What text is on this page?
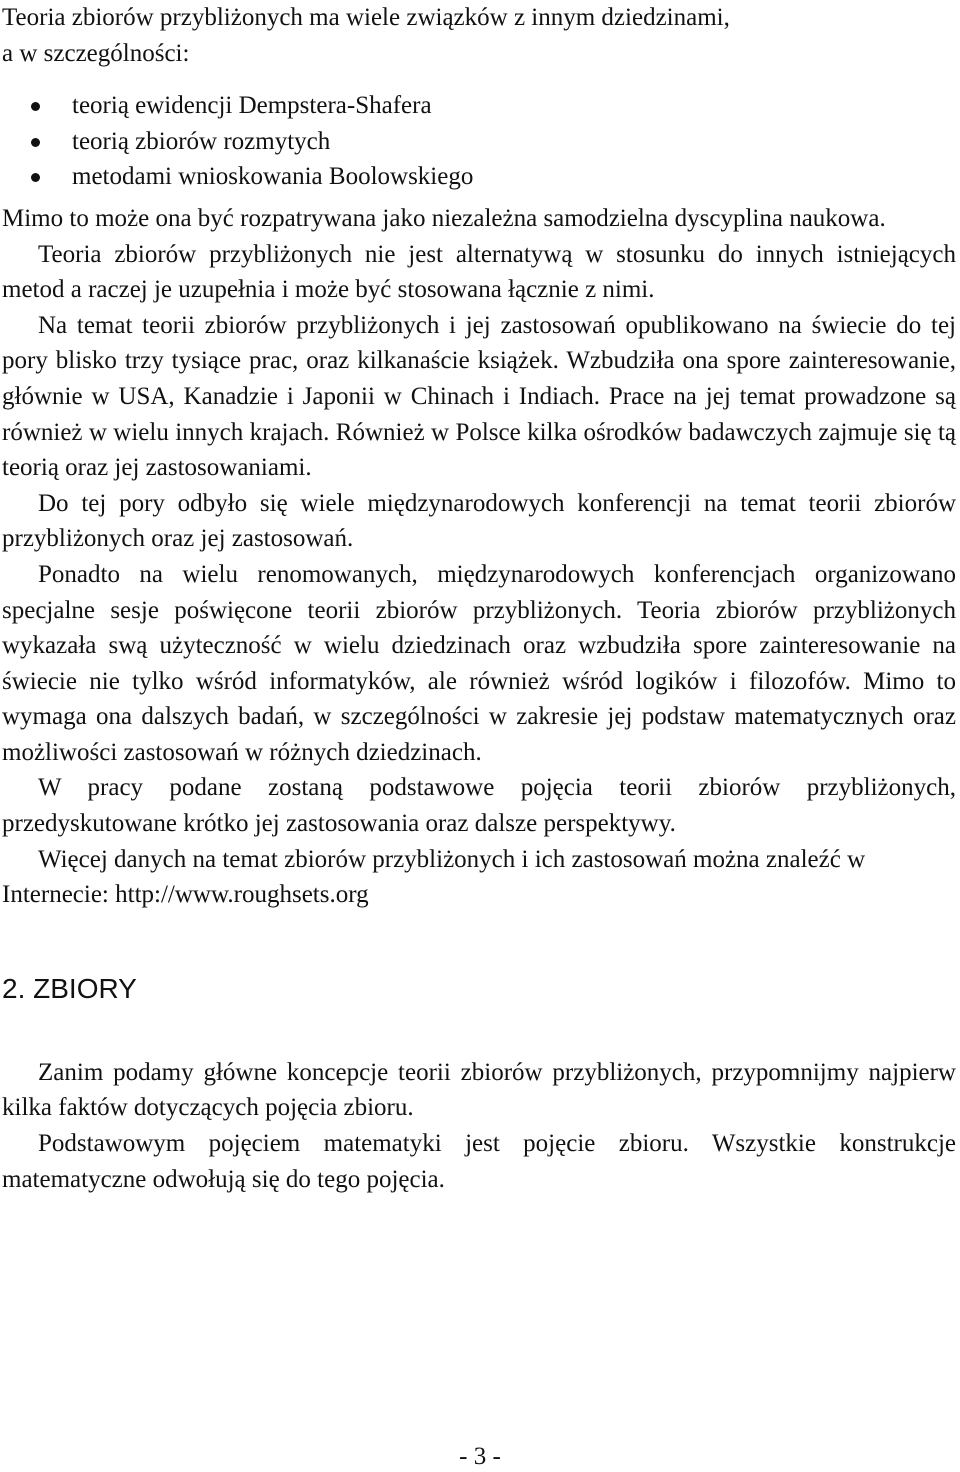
Teoria zbiorów przybliżonych ma wiele związków z innym dziedzinami,

a w szczególności:

teorią ewidencji Dempstera-Shafera
teorią zbiorów rozmytych
metodami wnioskowania Boolowskiego

Mimo to może ona być rozpatrywana jako niezależna samodzielna dyscyplina naukowa.

Teoria zbiorów przybliżonych nie jest alternatywą w stosunku do innych istniejących metod a raczej je uzupełnia i może być stosowana łącznie z nimi.

Na temat teorii zbiorów przybliżonych i jej zastosowań opublikowano na świecie do tej pory blisko trzy tysiące prac, oraz kilkanaście książek. Wzbudziła ona spore zainteresowanie, głównie w USA, Kanadzie i Japonii w Chinach i Indiach. Prace na jej temat prowadzone są również w wielu innych krajach. Również w Polsce kilka ośrodków badawczych zajmuje się tą teorią oraz jej zastosowaniami.

Do tej pory odbyło się wiele międzynarodowych konferencji na temat teorii zbiorów przybliżonych oraz jej zastosowań.

Ponadto na wielu renomowanych, międzynarodowych konferencjach organizowano specjalne sesje poświęcone teorii zbiorów przybliżonych. Teoria zbiorów przybliżonych wykazała swą użyteczność w wielu dziedzinach oraz wzbudziła spore zainteresowanie na świecie nie tylko wśród informatyków, ale również wśród logików i filozofów. Mimo to wymaga ona dalszych badań, w szczególności w zakresie jej podstaw matematycznych oraz możliwości zastosowań w różnych dziedzinach.

W pracy podane zostaną podstawowe pojęcia teorii zbiorów przybliżonych, przedyskutowane krótko jej zastosowania oraz dalsze perspektywy.

Więcej danych na temat zbiorów przybliżonych i ich zastosowań można znaleźć w Internecie: http://www.roughsets.org

2. ZBIORY

Zanim podamy główne koncepcje teorii zbiorów przybliżonych, przypomnijmy najpierw kilka faktów dotyczących pojęcia zbioru.

Podstawowym pojęciem matematyki jest pojęcie zbioru. Wszystkie konstrukcje matematyczne odwołują się do tego pojęcia.

- 3 -
